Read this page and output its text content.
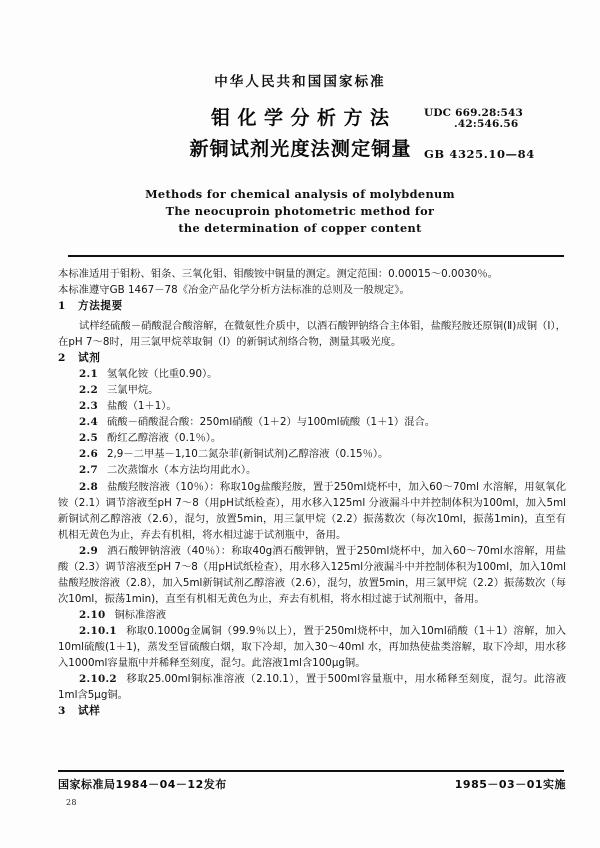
中华人民共和国国家标准
钼化学分析方法
新铜试剂光度法测定铜量
UDC 669.28:543
.42:546.56
GB 4325.10—84
Methods for chemical analysis of molybdenum
The neocuproin photometric method for
the determination of copper content

本标准适用于钼粉、钼条、三氧化钼、钼酸铵中铜量的测定。测定范围：0.00015～0.0030％。

本标准遵守GB 1467－78《冶金产品化学分析方法标准的总则及一般规定》。

1 方法提要

试样经硫酸－硝酸混合酸溶解，在微氨性介质中，以酒石酸钾钠络合主体钼，盐酸羟胺还原铜(Ⅱ)成铜（Ⅰ），在pH 7～8时，用三氯甲烷萃取铜（Ⅰ）的新铜试剂络合物，测量其吸光度。

2 试剂

2.1 氢氧化铵（比重0.90）。

2.2 三氯甲烷。

2.3 盐酸（1＋1）。

2.4 硫酸－硝酸混合酸：250ml硝酸（1＋2）与100ml硫酸（1＋1）混合。

2.5 酚红乙醇溶液（0.1％）。

2.6 2,9－二甲基－1,10二氮杂菲(新铜试剂)乙醇溶液（0.15％）。

2.7 二次蒸馏水（本方法均用此水）。

2.8 盐酸羟胺溶液（10％）：称取10g盐酸羟胺，置于250ml烧杯中，加入60～70ml 水溶解，用氨氧化铵（2.1）调节溶液至pH 7～8（用pH试纸检查），用水移入125ml 分液漏斗中并控制体积为100ml，加入5ml新铜试剂乙醇溶液（2.6），混匀，放置5min，用三氯甲烷（2.2）振荡数次（每次10ml，振荡1min)，直至有机相无黄色为止，弃去有机相，将水相过滤于试剂瓶中，备用。

2.9 酒石酸钾钠溶液（40％）：称取40g酒石酸钾钠，置于250ml烧杯中，加入60～70ml水溶解，用盐酸（2.3）调节溶液至pH 7～8（用pH试纸检查），用水移入125ml分液漏斗中并控制体积为100ml，加入10ml盐酸羟胺溶液（2.8），加入5ml新铜试剂乙醇溶液（2.6），混匀，放置5min，用三氯甲烷（2.2）振荡数次（每次10ml，振荡1min)，直至有机相无黄色为止，弃去有机相，将水相过滤于试剂瓶中，备用。

2.10 铜标准溶液

2.10.1 称取0.1000g金属铜（99.9％以上），置于250ml烧杯中，加入10ml硝酸（1＋1）溶解，加入10ml硫酸(1＋1)，蒸发至冒硫酸白烟，取下冷却，加入30～40ml 水，再加热使盐类溶解，取下冷却，用水移入1000ml容量瓶中并稀释至刻度，混匀。此溶液1ml含100μg铜。

2.10.2 移取25.00ml铜标准溶液（2.10.1），置于500ml容量瓶中，用水稀释至刻度，混匀。此溶液1ml含5μg铜。

3 试样

国家标准局1984－04－12发布	1985－03－01实施
28
